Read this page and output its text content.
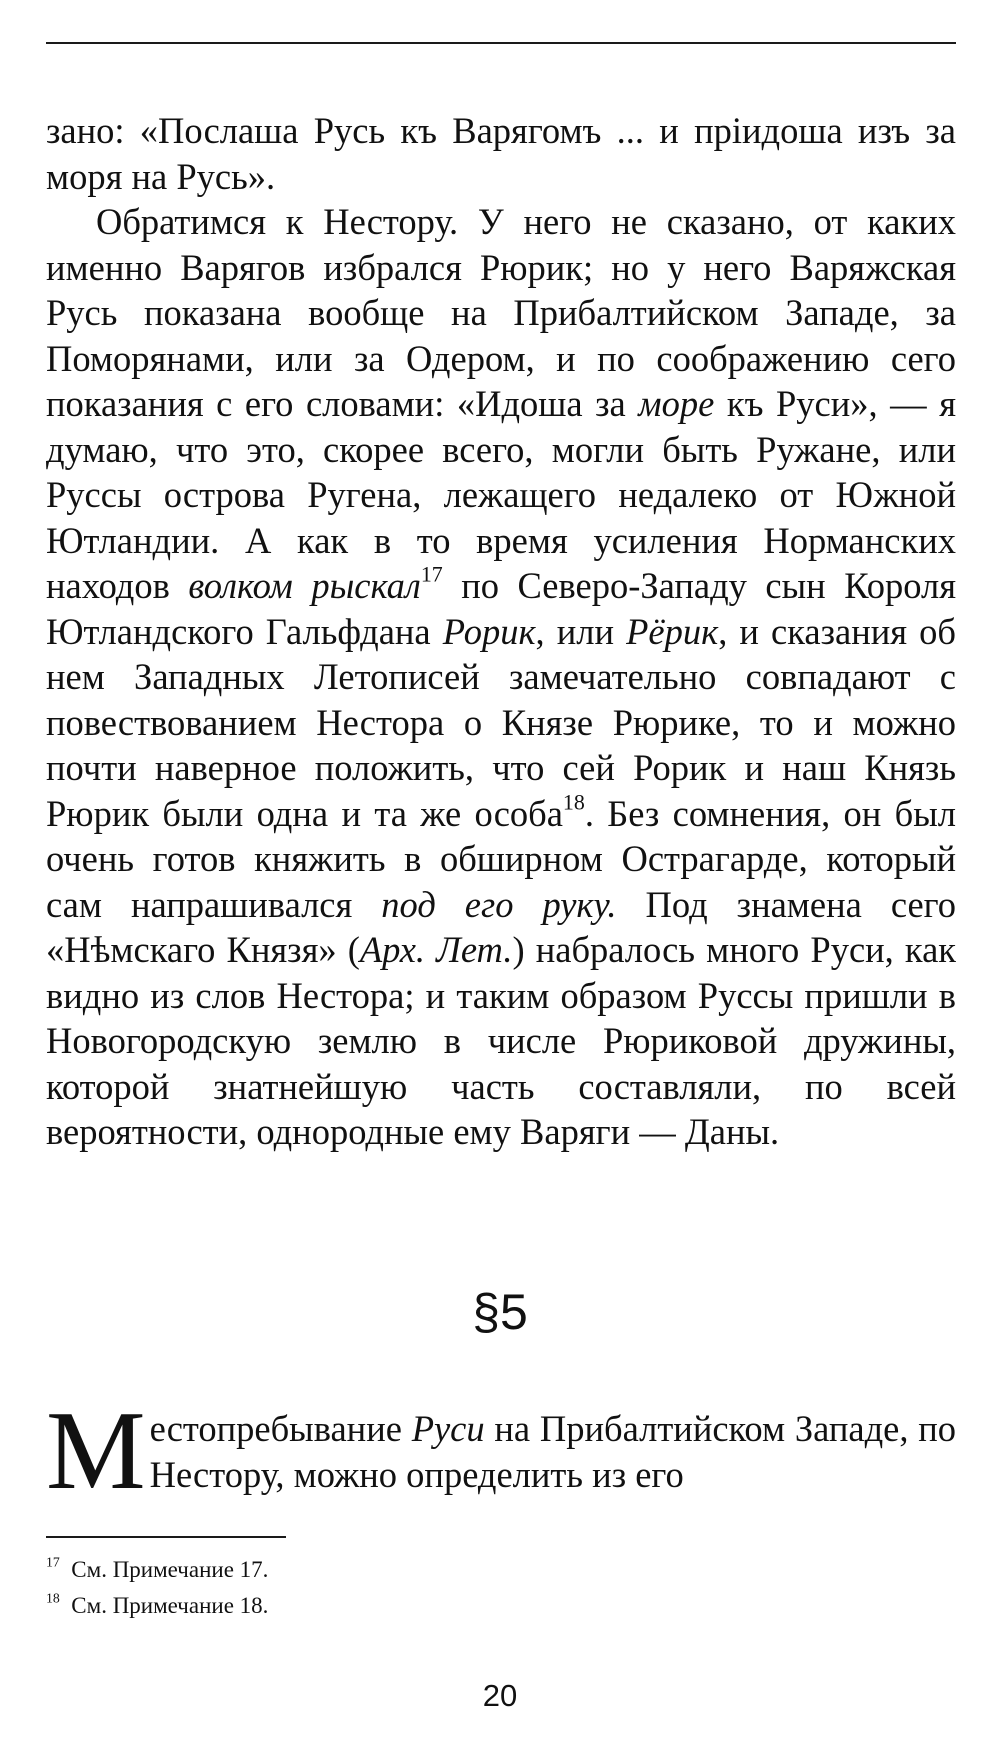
зано: «Послаша Русь къ Варягомъ ... и пріидоша изъ за моря на Русь».

Обратимся к Нестору. У него не сказано, от каких именно Варягов избрался Рюрик; но у него Варяжская Русь показана вообще на Прибалтийском Западе, за Поморянами, или за Одером, и по соображению сего показания с его словами: «Идоша за море къ Руси», — я думаю, что это, скорее всего, могли быть Ружане, или Руссы острова Ругена, лежащего недалеко от Южной Ютландии. А как в то время усиления Норманских находов волком рыскал$^{17}$ по Северо-Западу сын Короля Ютландского Гальфдана Рорик, или Рёрик, и сказания об нем Западных Летописей замечательно совпадают с повествованием Нестора о Князе Рюрике, то и можно почти наверное положить, что сей Рорик и наш Князь Рюрик были одна и та же особа$^{18}$. Без сомнения, он был очень готов княжить в обширном Острагарде, который сам напрашивался под его руку. Под знамена сего «Нѣмскаго Князя» (Арх. Лет.) набралось много Руси, как видно из слов Нестора; и таким образом Руссы пришли в Новогородскую землю в числе Рюриковой дружины, которой знатнейшую часть составляли, по всей вероятности, однородные ему Варяги — Даны.

§5
Местопребывание Руси на Прибалтийском Западе, по Нестору, можно определить из его

$^{17}$ См. Примечание 17.

$^{18}$ См. Примечание 18.

20
